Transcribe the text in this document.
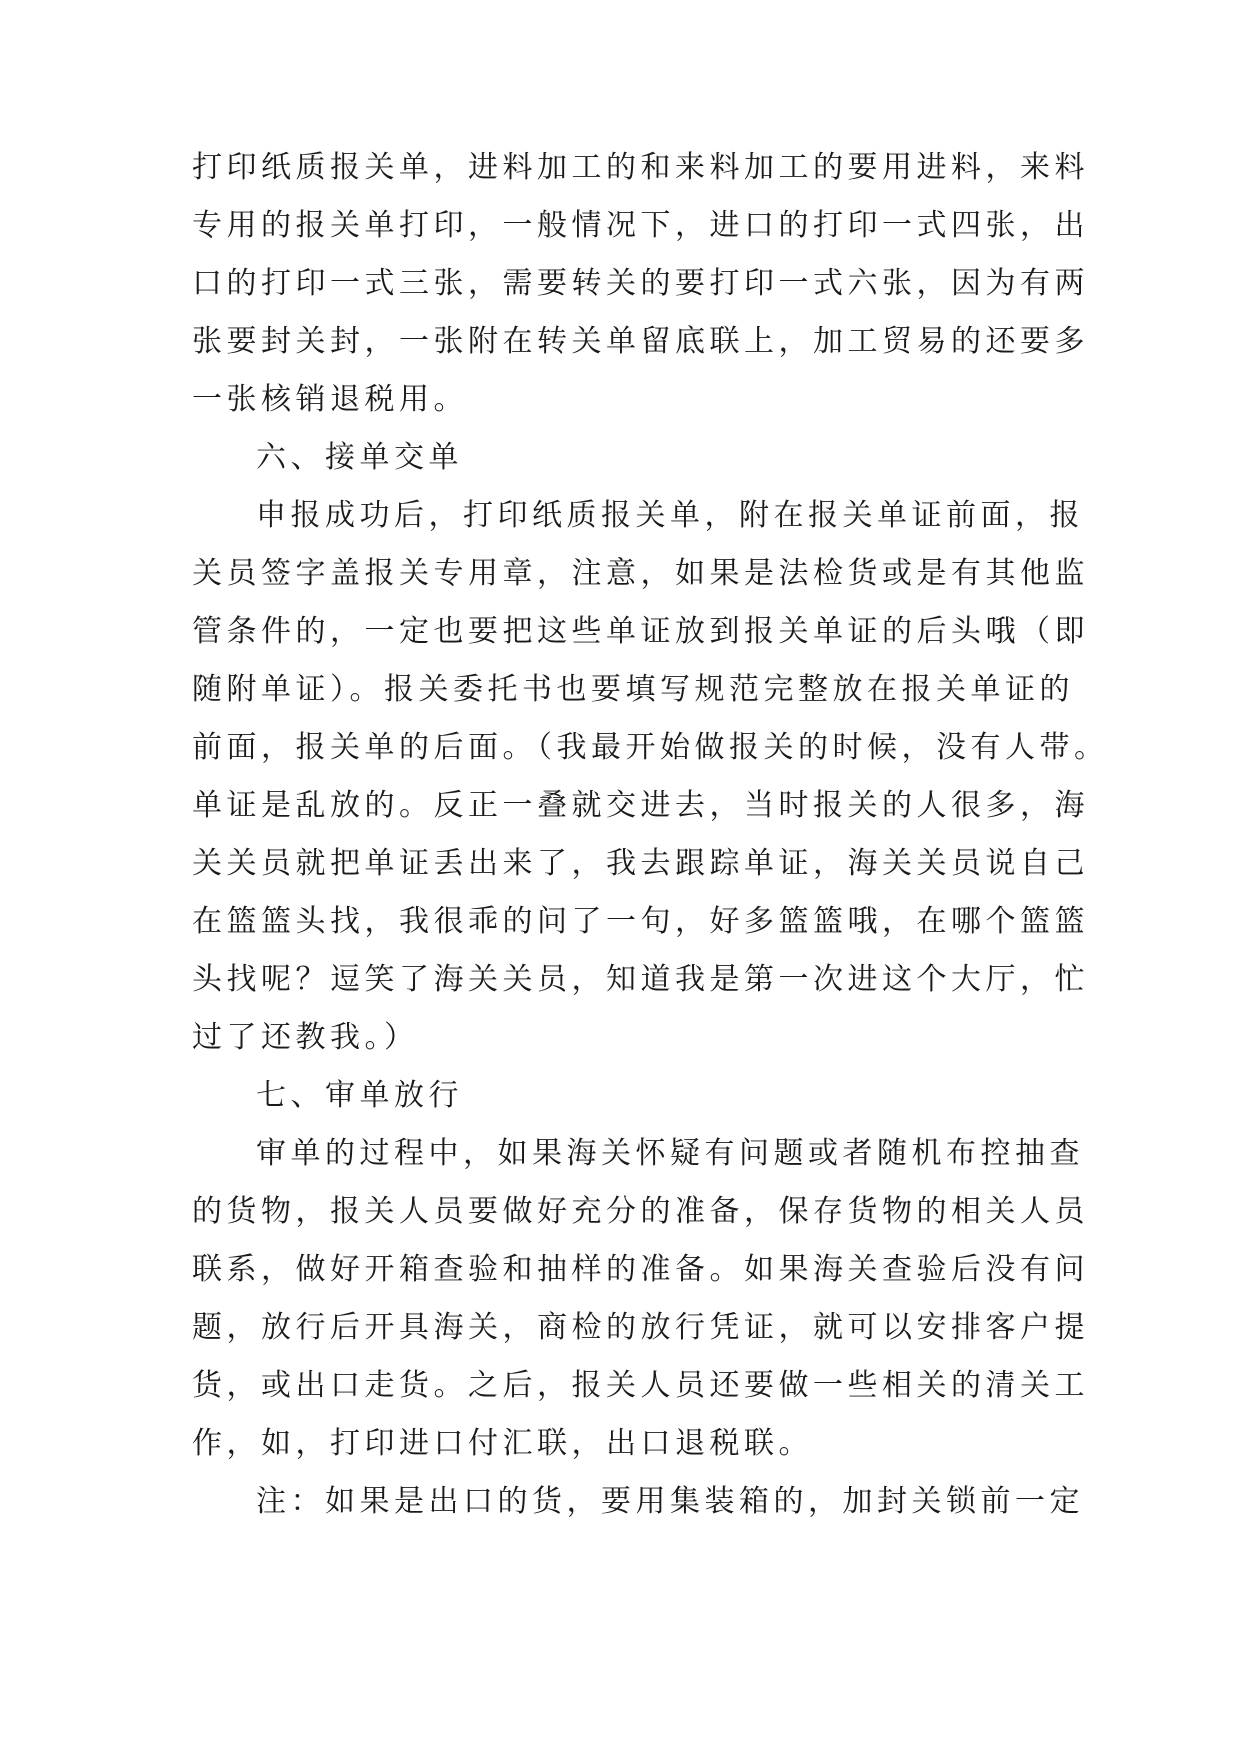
打印纸质报关单，进料加工的和来料加工的要用进料，来料
专用的报关单打印，一般情况下，进口的打印一式四张，出
口的打印一式三张，需要转关的要打印一式六张，因为有两
张要封关封，一张附在转关单留底联上，加工贸易的还要多
一张核销退税用。
六、接单交单
申报成功后，打印纸质报关单，附在报关单证前面，报
关员签字盖报关专用章，注意，如果是法检货或是有其他监
管条件的，一定也要把这些单证放到报关单证的后头哦（即
随附单证）。报关委托书也要填写规范完整放在报关单证的
前面，报关单的后面。（我最开始做报关的时候，没有人带。
单证是乱放的。反正一叠就交进去，当时报关的人很多，海
关关员就把单证丢出来了，我去跟踪单证，海关关员说自己
在篮篮头找，我很乖的问了一句，好多篮篮哦，在哪个篮篮
头找呢？逗笑了海关关员，知道我是第一次进这个大厅，忙
过了还教我。）
七、审单放行
审单的过程中，如果海关怀疑有问题或者随机布控抽查
的货物，报关人员要做好充分的准备，保存货物的相关人员
联系，做好开箱查验和抽样的准备。如果海关查验后没有问
题，放行后开具海关，商检的放行凭证，就可以安排客户提
货，或出口走货。之后，报关人员还要做一些相关的清关工
作，如，打印进口付汇联，出口退税联。
注：如果是出口的货，要用集装箱的，加封关锁前一定
